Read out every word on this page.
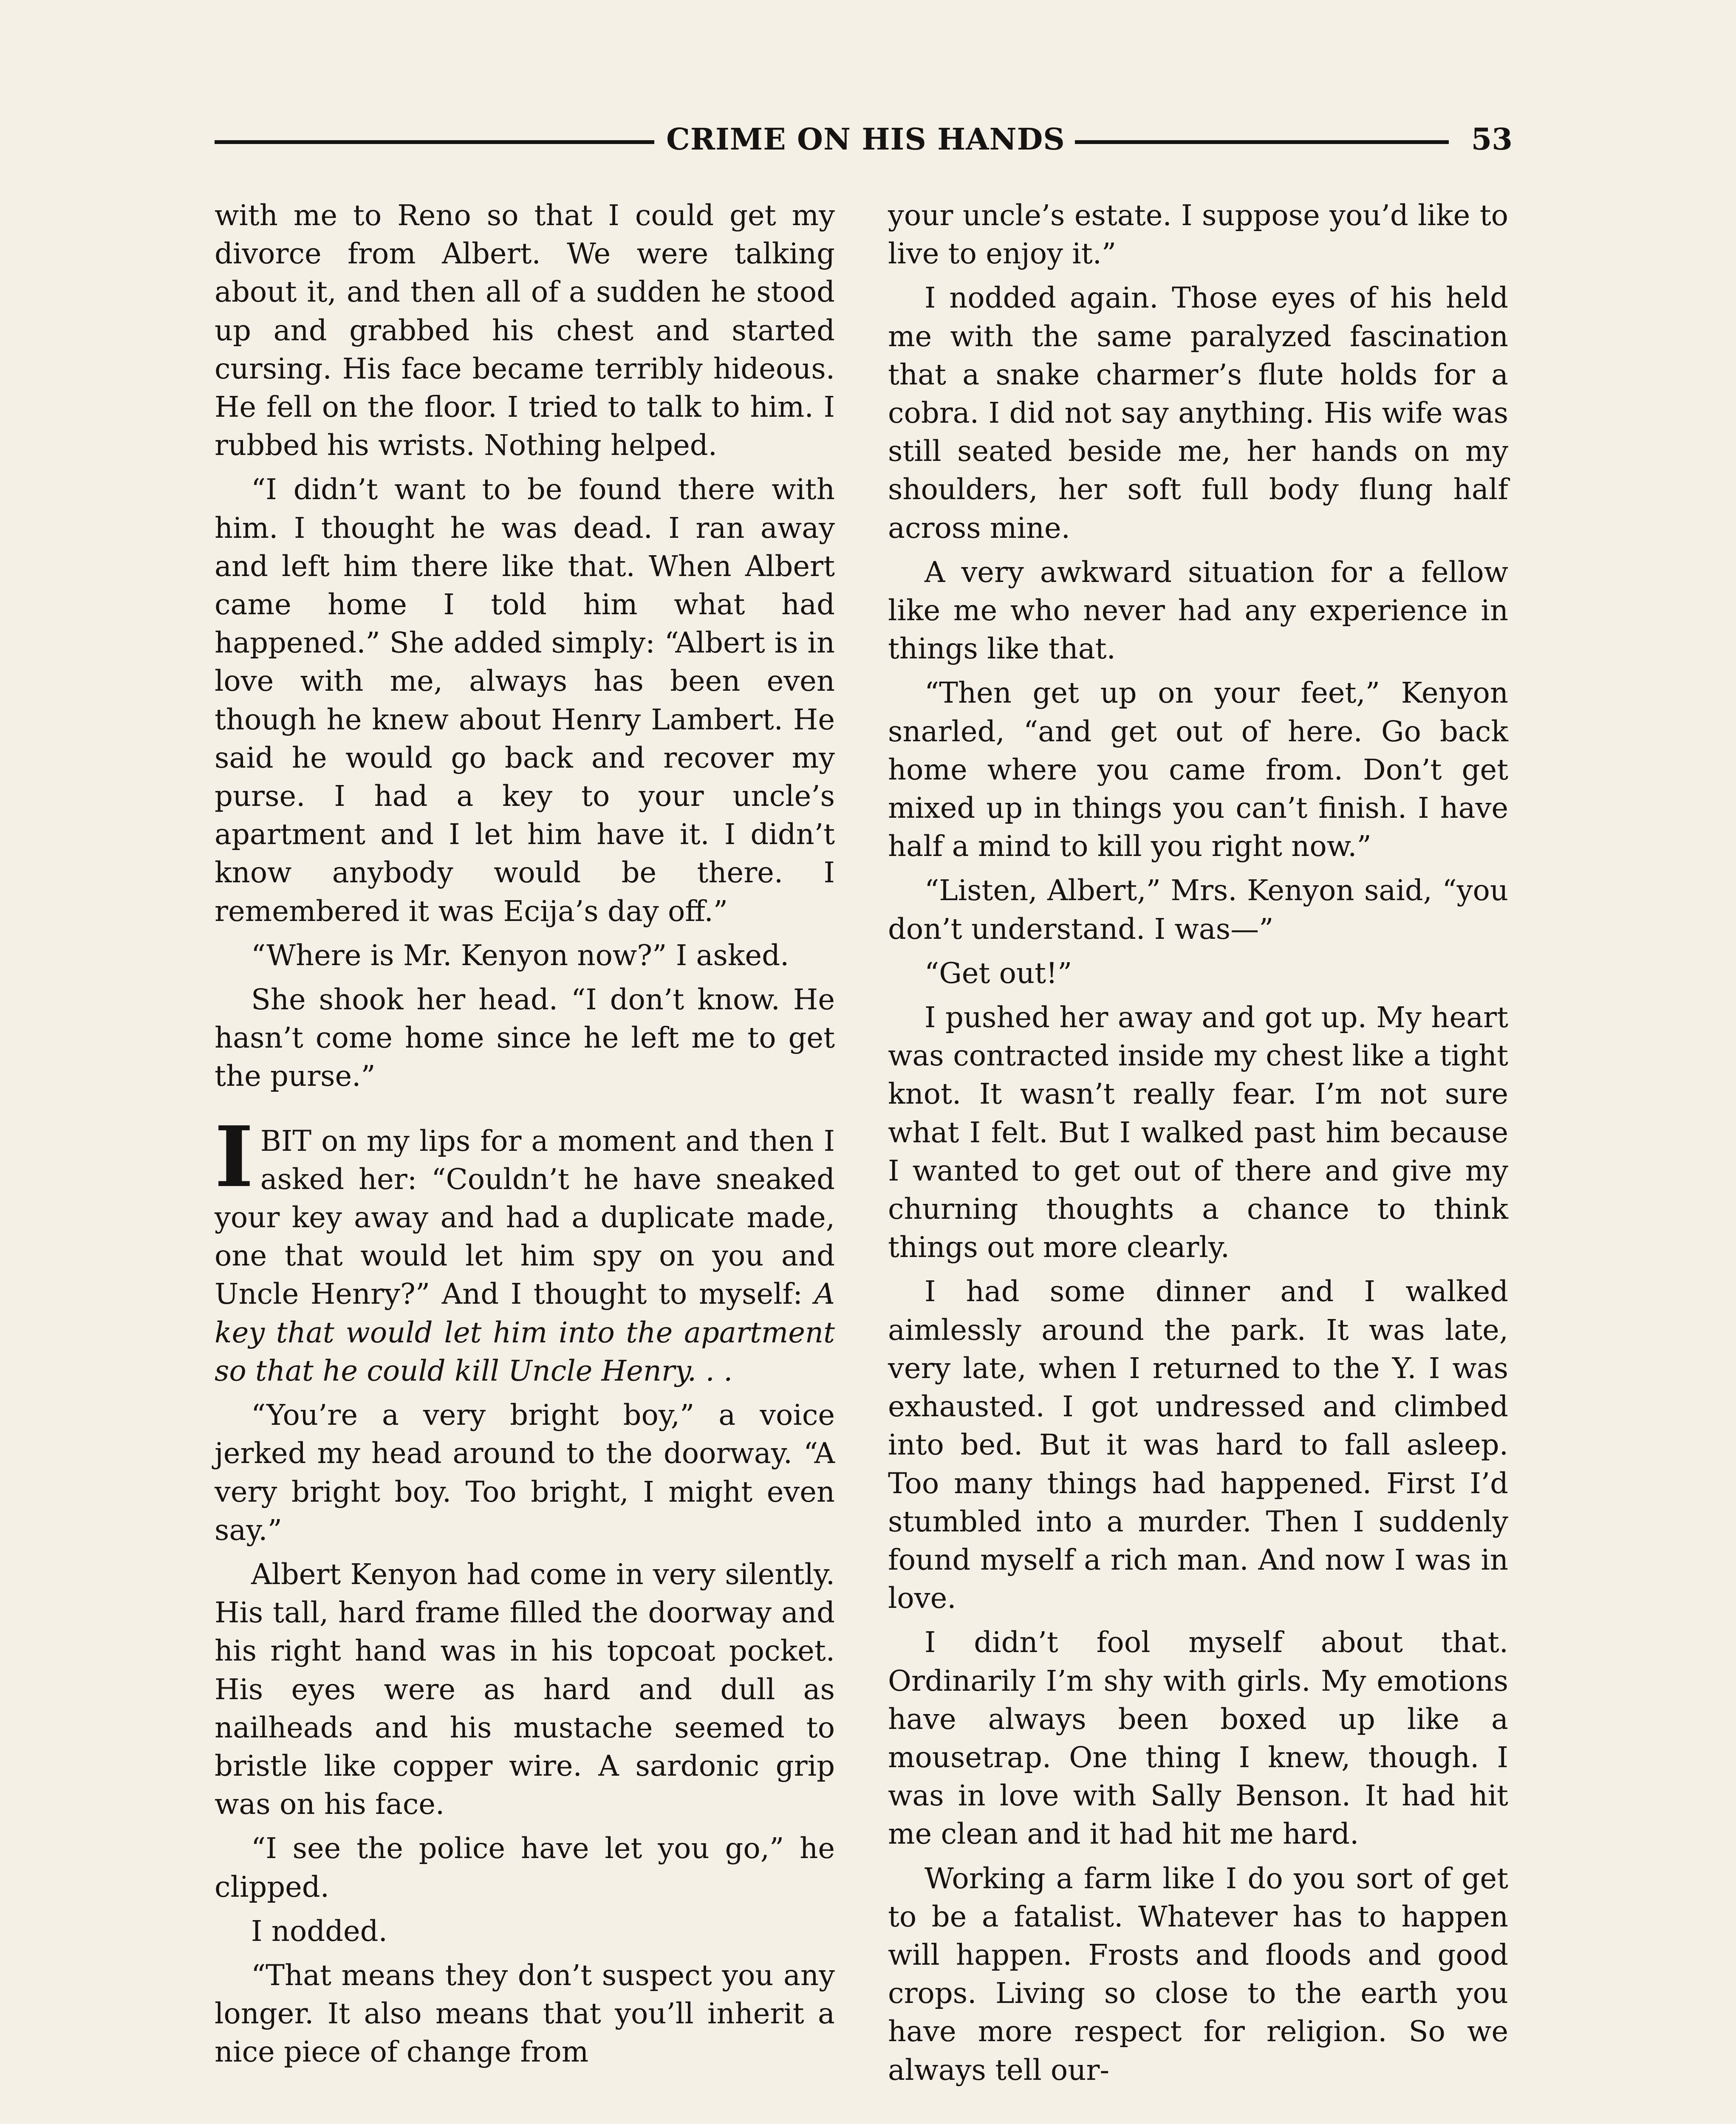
CRIME ON HIS HANDS	53

with me to Reno so that I could get my divorce from Albert. We were talking about it, and then all of a sudden he stood up and grabbed his chest and started cursing. His face became terribly hideous. He fell on the floor. I tried to talk to him. I rubbed his wrists. Nothing helped.

“I didn’t want to be found there with him. I thought he was dead. I ran away and left him there like that. When Albert came home I told him what had happened.” She added simply: “Albert is in love with me, always has been even though he knew about Henry Lambert. He said he would go back and recover my purse. I had a key to your uncle’s apartment and I let him have it. I didn’t know anybody would be there. I remembered it was Ecija’s day off.”

“Where is Mr. Kenyon now?” I asked.

She shook her head. “I don’t know. He hasn’t come home since he left me to get the purse.”

I BIT on my lips for a moment and then I asked her: “Couldn’t he have sneaked your key away and had a duplicate made, one that would let him spy on you and Uncle Henry?” And I thought to myself: A key that would let him into the apartment so that he could kill Uncle Henry. . .

“You’re a very bright boy,” a voice jerked my head around to the doorway. “A very bright boy. Too bright, I might even say.”

Albert Kenyon had come in very silently. His tall, hard frame filled the doorway and his right hand was in his topcoat pocket. His eyes were as hard and dull as nailheads and his mustache seemed to bristle like copper wire. A sardonic grip was on his face.

“I see the police have let you go,” he clipped.

I nodded.

“That means they don’t suspect you any longer. It also means that you’ll inherit a nice piece of change from

your uncle’s estate. I suppose you’d like to live to enjoy it.”

I nodded again. Those eyes of his held me with the same paralyzed fascination that a snake charmer’s flute holds for a cobra. I did not say anything. His wife was still seated beside me, her hands on my shoulders, her soft full body flung half across mine.

A very awkward situation for a fellow like me who never had any experience in things like that.

“Then get up on your feet,” Kenyon snarled, “and get out of here. Go back home where you came from. Don’t get mixed up in things you can’t finish. I have half a mind to kill you right now.”

“Listen, Albert,” Mrs. Kenyon said, “you don’t understand. I was—”

“Get out!”

I pushed her away and got up. My heart was contracted inside my chest like a tight knot. It wasn’t really fear. I’m not sure what I felt. But I walked past him because I wanted to get out of there and give my churning thoughts a chance to think things out more clearly.

I had some dinner and I walked aimlessly around the park. It was late, very late, when I returned to the Y. I was exhausted. I got undressed and climbed into bed. But it was hard to fall asleep. Too many things had happened. First I’d stumbled into a murder. Then I suddenly found myself a rich man. And now I was in love.

I didn’t fool myself about that. Ordinarily I’m shy with girls. My emotions have always been boxed up like a mousetrap. One thing I knew, though. I was in love with Sally Benson. It had hit me clean and it had hit me hard.

Working a farm like I do you sort of get to be a fatalist. Whatever has to happen will happen. Frosts and floods and good crops. Living so close to the earth you have more respect for religion. So we always tell our-
